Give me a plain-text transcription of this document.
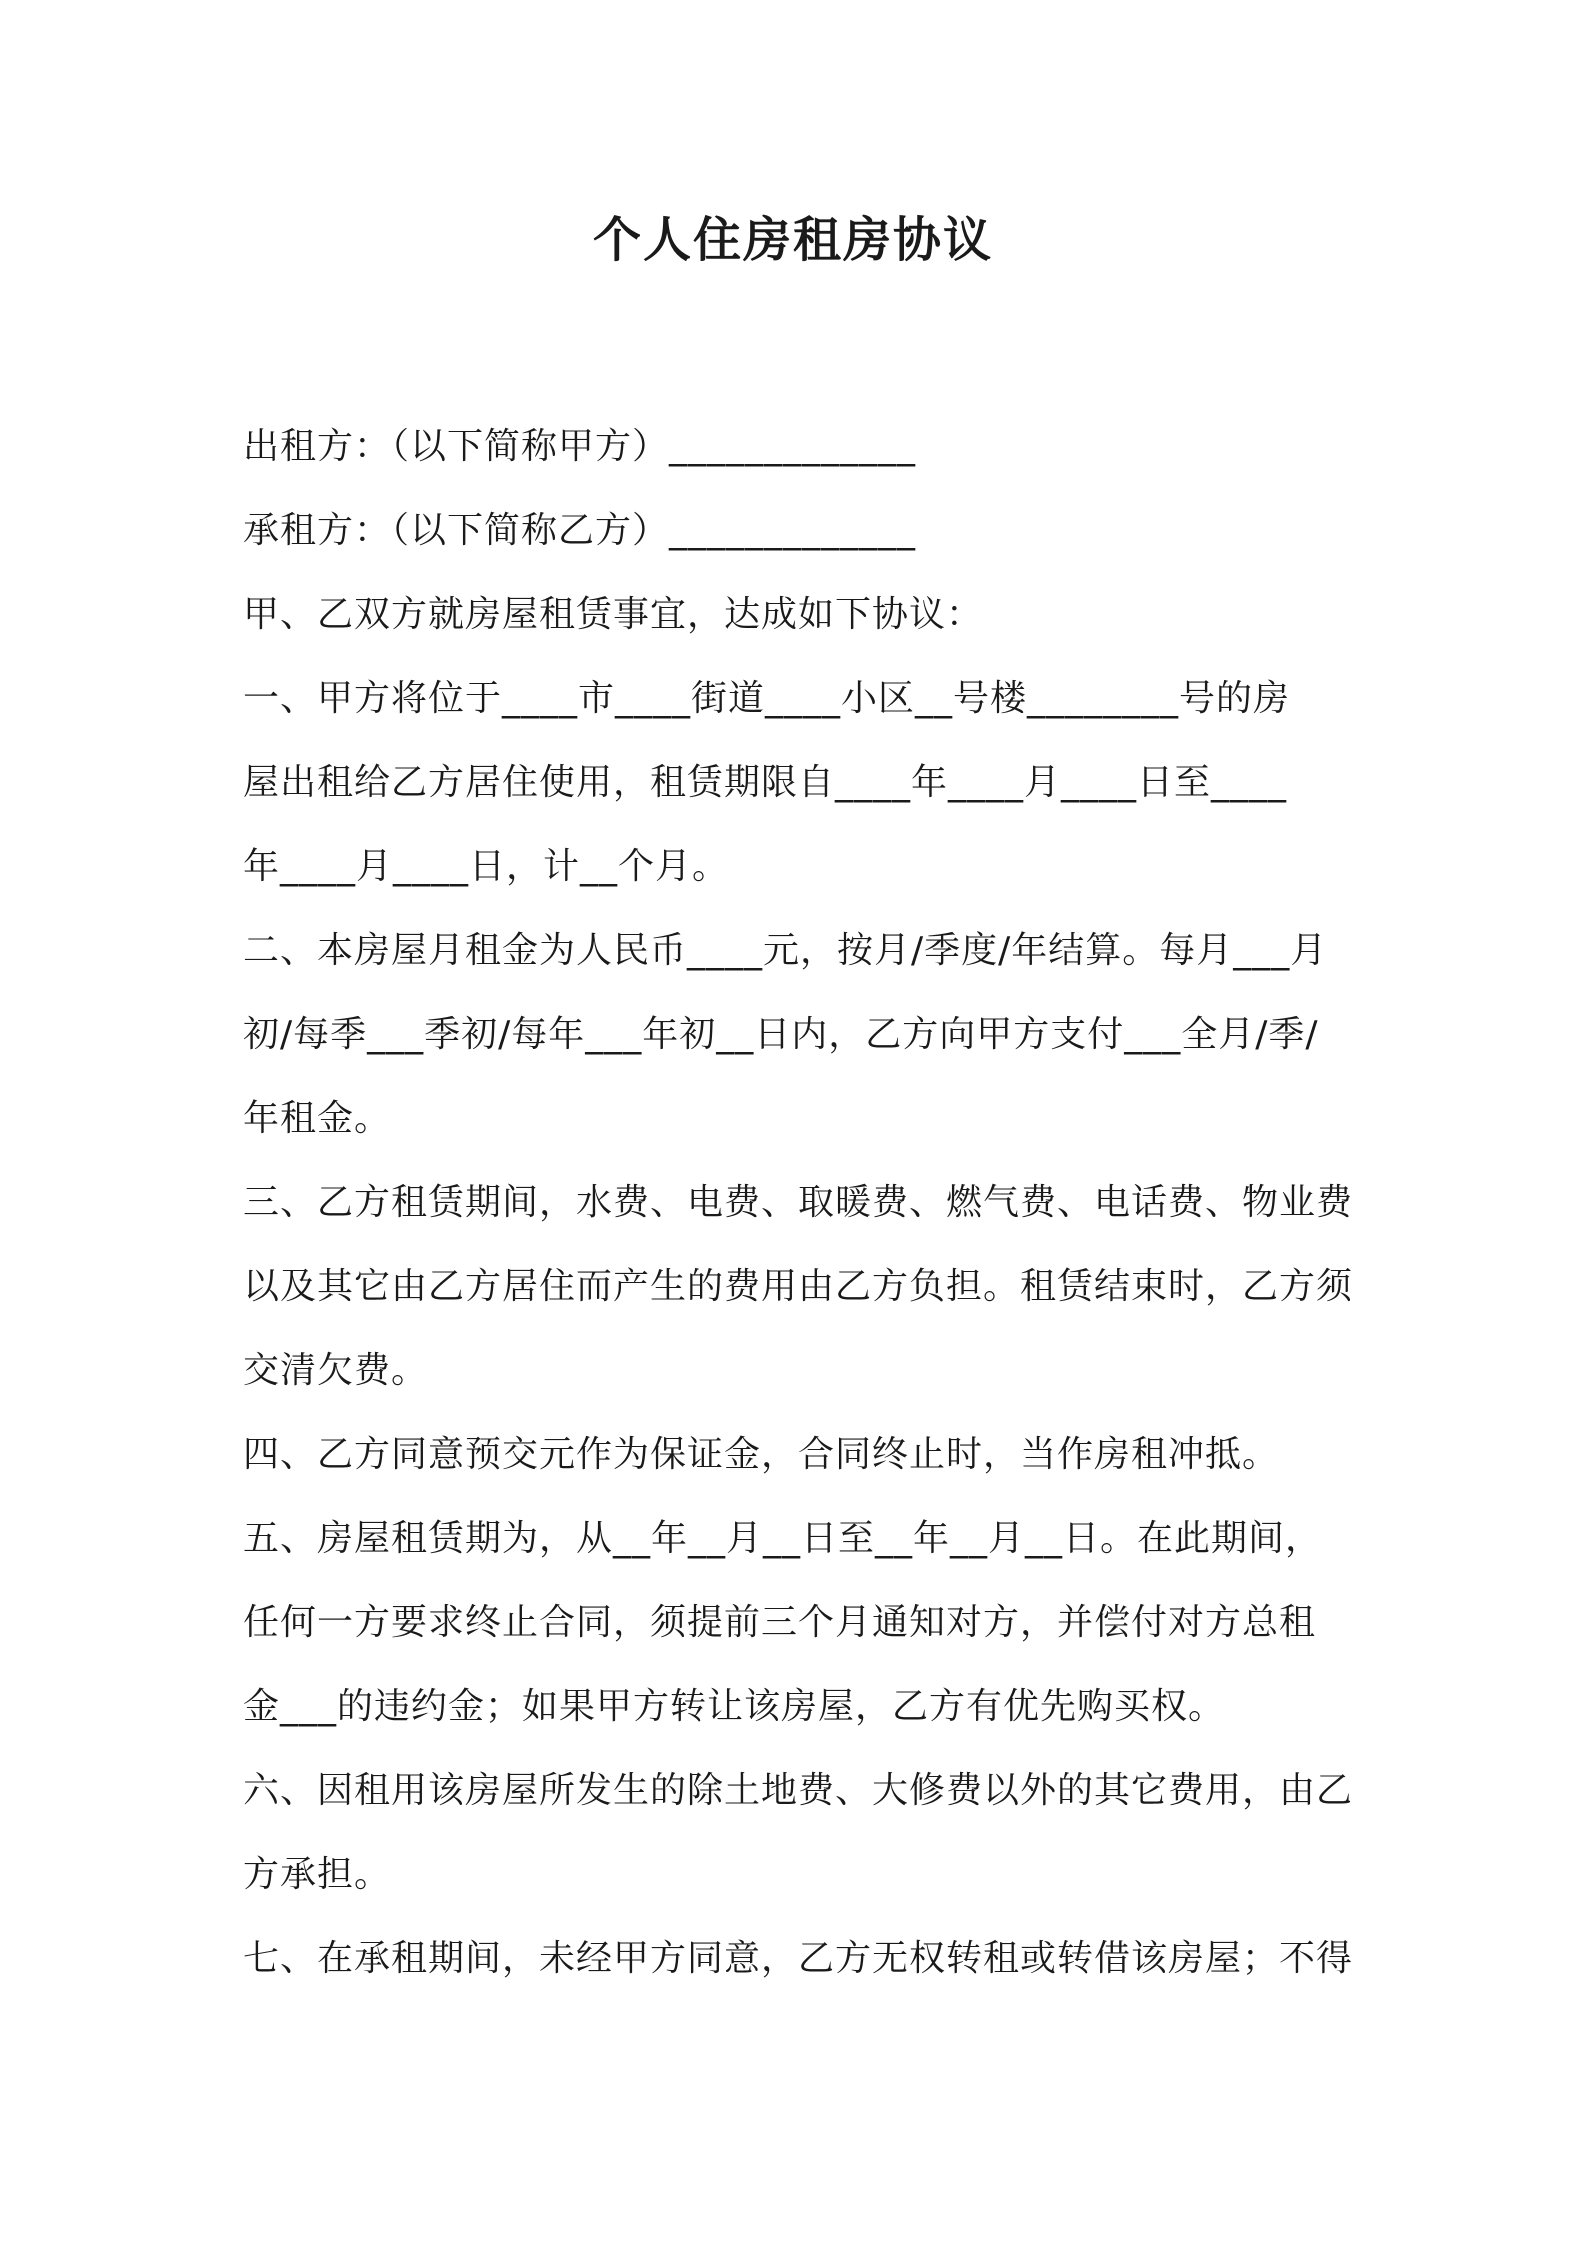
个人住房租房协议
出租方：（以下简称甲方）_____________
承租方：（以下简称乙方）_____________
甲、乙双方就房屋租赁事宜，达成如下协议：
一、甲方将位于____市____街道____小区__号楼________号的房
屋出租给乙方居住使用，租赁期限自____年____月____日至____
年____月____日，计__个月。
二、本房屋月租金为人民币____元，按月/季度/年结算。每月___月
初/每季___季初/每年___年初__日内，乙方向甲方支付___全月/季/
年租金。
三、乙方租赁期间，水费、电费、取暖费、燃气费、电话费、物业费
以及其它由乙方居住而产生的费用由乙方负担。租赁结束时，乙方须
交清欠费。
四、乙方同意预交元作为保证金，合同终止时，当作房租冲抵。
五、房屋租赁期为，从__年__月__日至__年__月__日。在此期间，
任何一方要求终止合同，须提前三个月通知对方，并偿付对方总租
金___的违约金；如果甲方转让该房屋，乙方有优先购买权。
六、因租用该房屋所发生的除土地费、大修费以外的其它费用，由乙
方承担。
七、在承租期间，未经甲方同意，乙方无权转租或转借该房屋；不得
